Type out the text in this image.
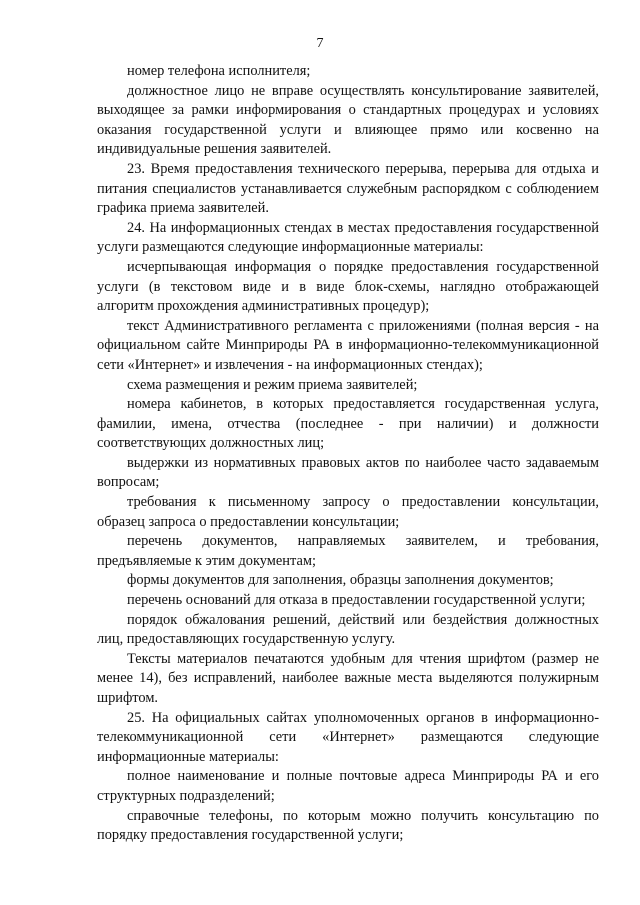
7

номер телефона исполнителя;

должностное лицо не вправе осуществлять консультирование заявителей, выходящее за рамки информирования о стандартных процедурах и условиях оказания государственной услуги и влияющее прямо или косвенно на индивидуальные решения заявителей.

23. Время предоставления технического перерыва, перерыва для отдыха и питания специалистов устанавливается служебным распорядком с соблюдением графика приема заявителей.

24. На информационных стендах в местах предоставления государственной услуги размещаются следующие информационные материалы:

исчерпывающая информация о порядке предоставления государственной услуги (в текстовом виде и в виде блок-схемы, наглядно отображающей алгоритм прохождения административных процедур);

текст Административного регламента с приложениями (полная версия - на официальном сайте Минприроды РА в информационно-телекоммуникационной сети «Интернет» и извлечения - на информационных стендах);

схема размещения и режим приема заявителей;

номера кабинетов, в которых предоставляется государственная услуга, фамилии, имена, отчества (последнее - при наличии) и должности соответствующих должностных лиц;

выдержки из нормативных правовых актов по наиболее часто задаваемым вопросам;

требования к письменному запросу о предоставлении консультации, образец запроса о предоставлении консультации;

перечень документов, направляемых заявителем, и требования, предъявляемые к этим документам;

формы документов для заполнения, образцы заполнения документов;

перечень оснований для отказа в предоставлении государственной услуги;

порядок обжалования решений, действий или бездействия должностных лиц, предоставляющих государственную услугу.

Тексты материалов печатаются удобным для чтения шрифтом (размер не менее 14), без исправлений, наиболее важные места выделяются полужирным шрифтом.

25. На официальных сайтах уполномоченных органов в информационно-телекоммуникационной сети «Интернет» размещаются следующие информационные материалы:

полное наименование и полные почтовые адреса Минприроды РА и его структурных подразделений;

справочные телефоны, по которым можно получить консультацию по порядку предоставления государственной услуги;
